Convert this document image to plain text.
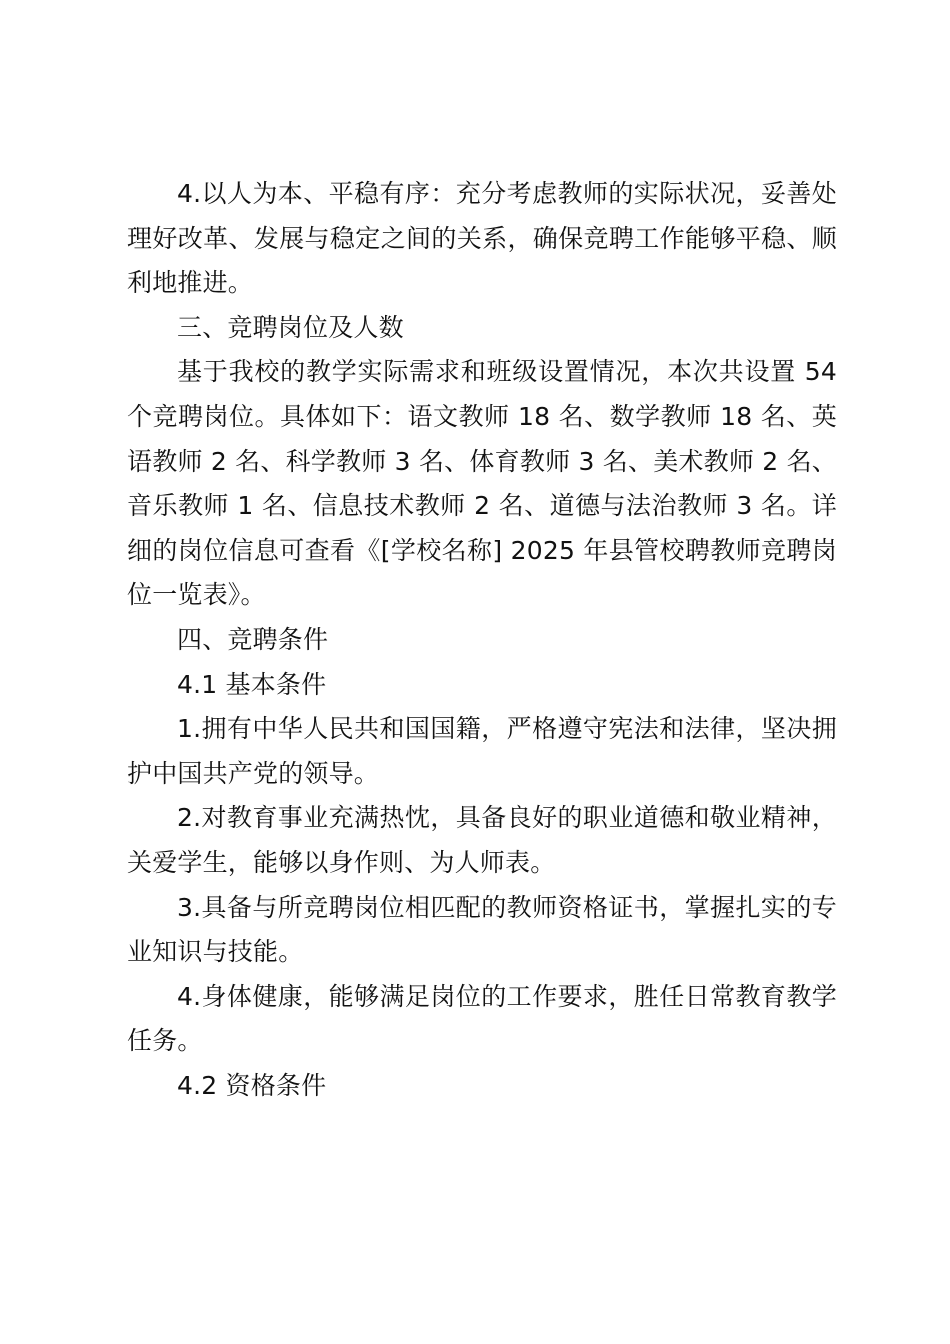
4.以人为本、平稳有序：充分考虑教师的实际状况，妥善处理好改革、发展与稳定之间的关系，确保竞聘工作能够平稳、顺利地推进。

三、竞聘岗位及人数

基于我校的教学实际需求和班级设置情况，本次共设置 54 个竞聘岗位。具体如下：语文教师 18 名、数学教师 18 名、英语教师 2 名、科学教师 3 名、体育教师 3 名、美术教师 2 名、音乐教师 1 名、信息技术教师 2 名、道德与法治教师 3 名。详细的岗位信息可查看《[学校名称] 2025 年县管校聘教师竞聘岗位一览表》。

四、竞聘条件

4.1 基本条件

1.拥有中华人民共和国国籍，严格遵守宪法和法律，坚决拥护中国共产党的领导。

2.对教育事业充满热忱，具备良好的职业道德和敬业精神，关爱学生，能够以身作则、为人师表。

3.具备与所竞聘岗位相匹配的教师资格证书，掌握扎实的专业知识与技能。

4.身体健康，能够满足岗位的工作要求，胜任日常教育教学任务。

4.2 资格条件
